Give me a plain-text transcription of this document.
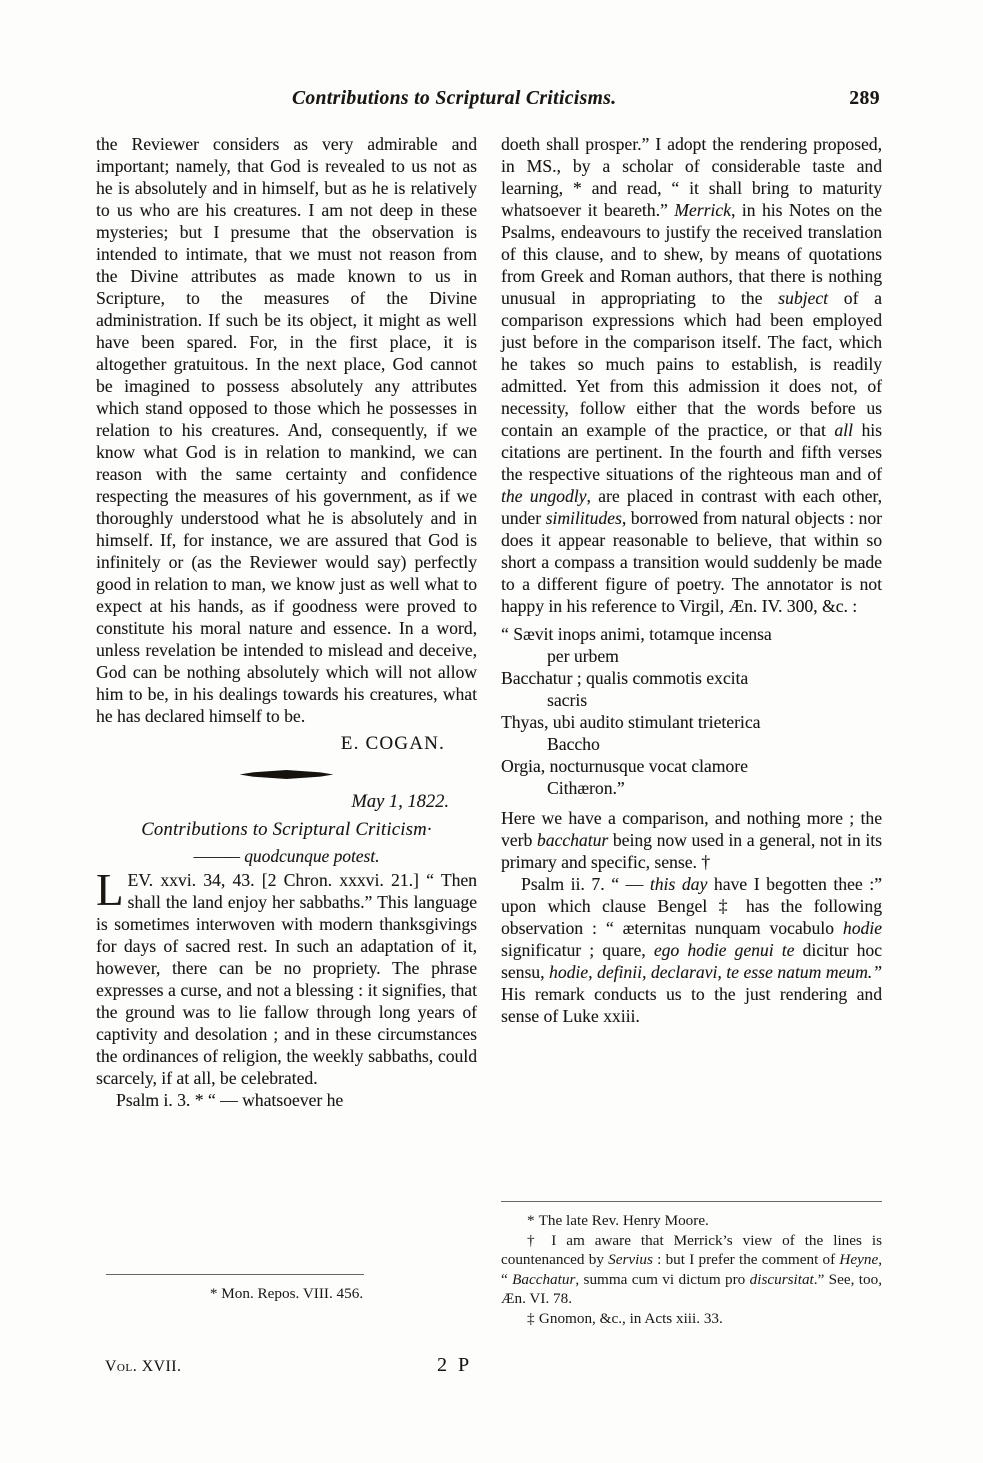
Contributions to Scriptural Criticisms.	289

the Reviewer considers as very admirable and important; namely, that God is revealed to us not as he is absolutely and in himself, but as he is relatively to us who are his creatures. I am not deep in these mysteries; but I presume that the observation is intended to intimate, that we must not reason from the Divine attributes as made known to us in Scripture, to the measures of the Divine administration. If such be its object, it might as well have been spared. For, in the first place, it is altogether gratuitous. In the next place, God cannot be imagined to possess absolutely any attributes which stand opposed to those which he possesses in relation to his creatures. And, consequently, if we know what God is in relation to mankind, we can reason with the same certainty and confidence respecting the measures of his government, as if we thoroughly understood what he is absolutely and in himself. If, for instance, we are assured that God is infinitely or (as the Reviewer would say) perfectly good in relation to man, we know just as well what to expect at his hands, as if goodness were proved to constitute his moral nature and essence. In a word, unless revelation be intended to mislead and deceive, God can be nothing absolutely which will not allow him to be, in his dealings towards his creatures, what he has declared himself to be.

E. COGAN.
May 1, 1822.
Contributions to Scriptural Criticism·
——— quodcunque potest.

LEV. xxvi. 34, 43. [2 Chron. xxxvi. 21.] “ Then shall the land enjoy her sabbaths.” This language is sometimes interwoven with modern thanksgivings for days of sacred rest. In such an adaptation of it, however, there can be no propriety. The phrase expresses a curse, and not a blessing : it signifies, that the ground was to lie fallow through long years of captivity and desolation ; and in these circumstances the ordinances of religion, the weekly sabbaths, could scarcely, if at all, be celebrated.

Psalm i. 3. * “ — whatsoever he

* Mon. Repos. VIII. 456.

doeth shall prosper.” I adopt the rendering proposed, in MS., by a scholar of considerable taste and learning, * and read, “ it shall bring to maturity whatsoever it beareth.” Merrick, in his Notes on the Psalms, endeavours to justify the received translation of this clause, and to shew, by means of quotations from Greek and Roman authors, that there is nothing unusual in appropriating to the subject of a comparison expressions which had been employed just before in the comparison itself. The fact, which he takes so much pains to establish, is readily admitted. Yet from this admission it does not, of necessity, follow either that the words before us contain an example of the practice, or that all his citations are pertinent. In the fourth and fifth verses the respective situations of the righteous man and of the ungodly, are placed in contrast with each other, under similitudes, borrowed from natural objects : nor does it appear reasonable to believe, that within so short a compass a transition would suddenly be made to a different figure of poetry. The annotator is not happy in his reference to Virgil, Æn. IV. 300, &c. :

“ Sævit inops animi, totamque incensa
per urbem
Bacchatur ; qualis commotis excita
sacris
Thyas, ubi audito stimulant trieterica
Baccho
Orgia, nocturnusque vocat clamore
Cithæron.”

Here we have a comparison, and nothing more ; the verb bacchatur being now used in a general, not in its primary and specific, sense. †

Psalm ii. 7. “ — this day have I begotten thee :” upon which clause Bengel ‡ has the following observation : “ æternitas nunquam vocabulo hodie significatur ; quare, ego hodie genui te dicitur hoc sensu, hodie, definii, declaravi, te esse natum meum.” His remark conducts us to the just rendering and sense of Luke xxiii.

* The late Rev. Henry Moore.
† I am aware that Merrick’s view of the lines is countenanced by Servius : but I prefer the comment of Heyne, “ Bacchatur, summa cum vi dictum pro discursitat.” See, too, Æn. VI. 78.
‡ Gnomon, &c., in Acts xiii. 33.
Vol. XVII.	2 P
